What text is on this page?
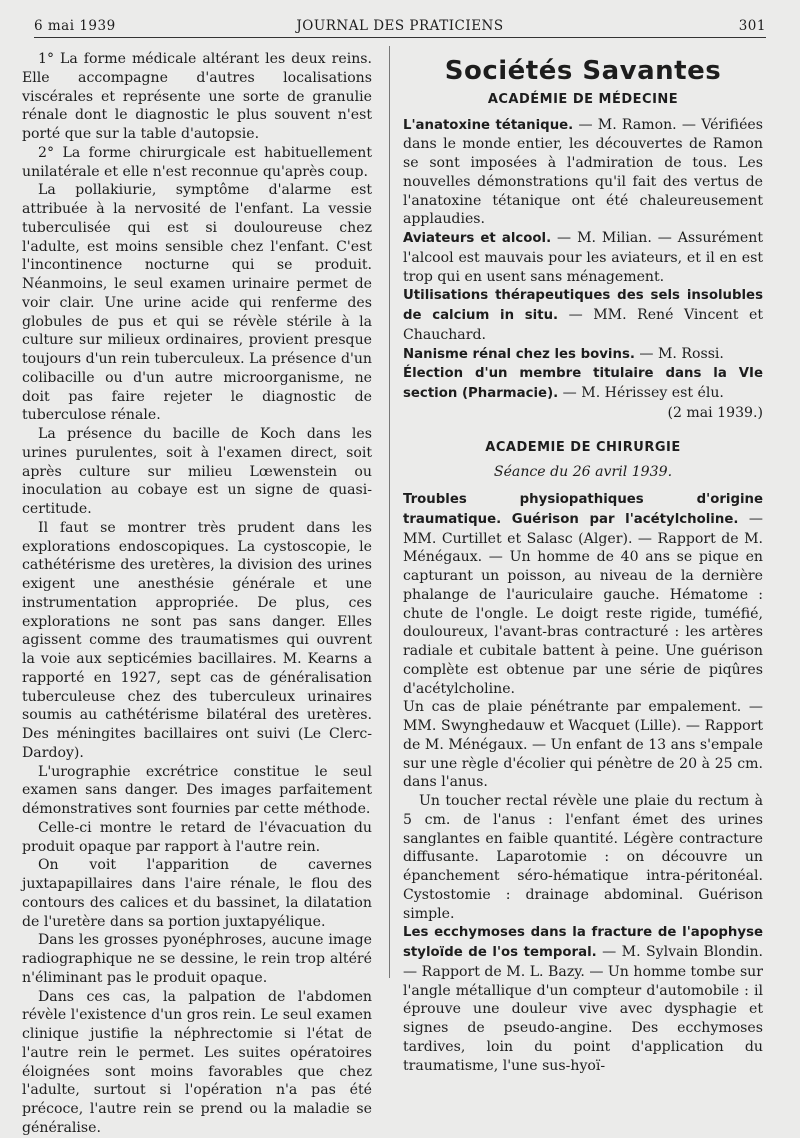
6 mai 1939	JOURNAL DES PRATICIENS	301

1° La forme médicale altérant les deux reins. Elle accompagne d'autres localisations viscérales et représente une sorte de granulie rénale dont le diagnostic le plus souvent n'est porté que sur la table d'autopsie.

2° La forme chirurgicale est habituellement unilatérale et elle n'est reconnue qu'après coup.

La pollakiurie, symptôme d'alarme est attribuée à la nervosité de l'enfant. La vessie tuberculisée qui est si douloureuse chez l'adulte, est moins sensible chez l'enfant. C'est l'incontinence nocturne qui se produit. Néanmoins, le seul examen urinaire permet de voir clair. Une urine acide qui renferme des globules de pus et qui se révèle stérile à la culture sur milieux ordinaires, provient presque toujours d'un rein tuberculeux. La présence d'un colibacille ou d'un autre microorganisme, ne doit pas faire rejeter le diagnostic de tuberculose rénale.

La présence du bacille de Koch dans les urines purulentes, soit à l'examen direct, soit après culture sur milieu Lœwenstein ou inoculation au cobaye est un signe de quasi-certitude.

Il faut se montrer très prudent dans les explorations endoscopiques. La cystoscopie, le cathétérisme des uretères, la division des urines exigent une anesthésie générale et une instrumentation appropriée. De plus, ces explorations ne sont pas sans danger. Elles agissent comme des traumatismes qui ouvrent la voie aux septicémies bacillaires. M. Kearns a rapporté en 1927, sept cas de généralisation tuberculeuse chez des tuberculeux urinaires soumis au cathétérisme bilatéral des uretères. Des méningites bacillaires ont suivi (Le Clerc-Dardoy).

L'urographie excrétrice constitue le seul examen sans danger. Des images parfaitement démonstratives sont fournies par cette méthode.

Celle-ci montre le retard de l'évacuation du produit opaque par rapport à l'autre rein.

On voit l'apparition de cavernes juxtapapillaires dans l'aire rénale, le flou des contours des calices et du bassinet, la dilatation de l'uretère dans sa portion juxtapyélique.

Dans les grosses pyonéphroses, aucune image radiographique ne se dessine, le rein trop altéré n'éliminant pas le produit opaque.

Dans ces cas, la palpation de l'abdomen révèle l'existence d'un gros rein. Le seul examen clinique justifie la néphrectomie si l'état de l'autre rein le permet. Les suites opératoires éloignées sont moins favorables que chez l'adulte, surtout si l'opération n'a pas été précoce, l'autre rein se prend ou la maladie se généralise.

Sociétés Savantes
ACADÉMIE DE MÉDECINE

L'anatoxine tétanique. — M. Ramon. — Vérifiées dans le monde entier, les découvertes de Ramon se sont imposées à l'admiration de tous. Les nouvelles démonstrations qu'il fait des vertus de l'anatoxine tétanique ont été chaleureusement applaudies.

Aviateurs et alcool. — M. Milian. — Assurément l'alcool est mauvais pour les aviateurs, et il en est trop qui en usent sans ménagement.

Utilisations thérapeutiques des sels insolubles de calcium in situ. — MM. René Vincent et Chauchard.

Nanisme rénal chez les bovins. — M. Rossi.

Élection d'un membre titulaire dans la VIe section (Pharmacie). — M. Hérissey est élu.

(2 mai 1939.)

ACADEMIE DE CHIRURGIE
Séance du 26 avril 1939.

Troubles physiopathiques d'origine traumatique. Guérison par l'acétylcholine. — MM. Curtillet et Salasc (Alger). — Rapport de M. Ménégaux. — Un homme de 40 ans se pique en capturant un poisson, au niveau de la dernière phalange de l'auriculaire gauche. Hématome : chute de l'ongle. Le doigt reste rigide, tuméfié, douloureux, l'avant-bras contracturé : les artères radiale et cubitale battent à peine. Une guérison complète est obtenue par une série de piqûres d'acétylcholine.

Un cas de plaie pénétrante par empalement. — MM. Swynghedauw et Wacquet (Lille). — Rapport de M. Ménégaux. — Un enfant de 13 ans s'empale sur une règle d'écolier qui pénètre de 20 à 25 cm. dans l'anus.

Un toucher rectal révèle une plaie du rectum à 5 cm. de l'anus : l'enfant émet des urines sanglantes en faible quantité. Légère contracture diffusante. Laparotomie : on découvre un épanchement séro-hématique intra-péritonéal. Cystostomie : drainage abdominal. Guérison simple.

Les ecchymoses dans la fracture de l'apophyse styloïde de l'os temporal. — M. Sylvain Blondin. — Rapport de M. L. Bazy. — Un homme tombe sur l'angle métallique d'un compteur d'automobile : il éprouve une douleur vive avec dysphagie et signes de pseudo-angine. Des ecchymoses tardives, loin du point d'application du traumatisme, l'une sus-hyoï-
